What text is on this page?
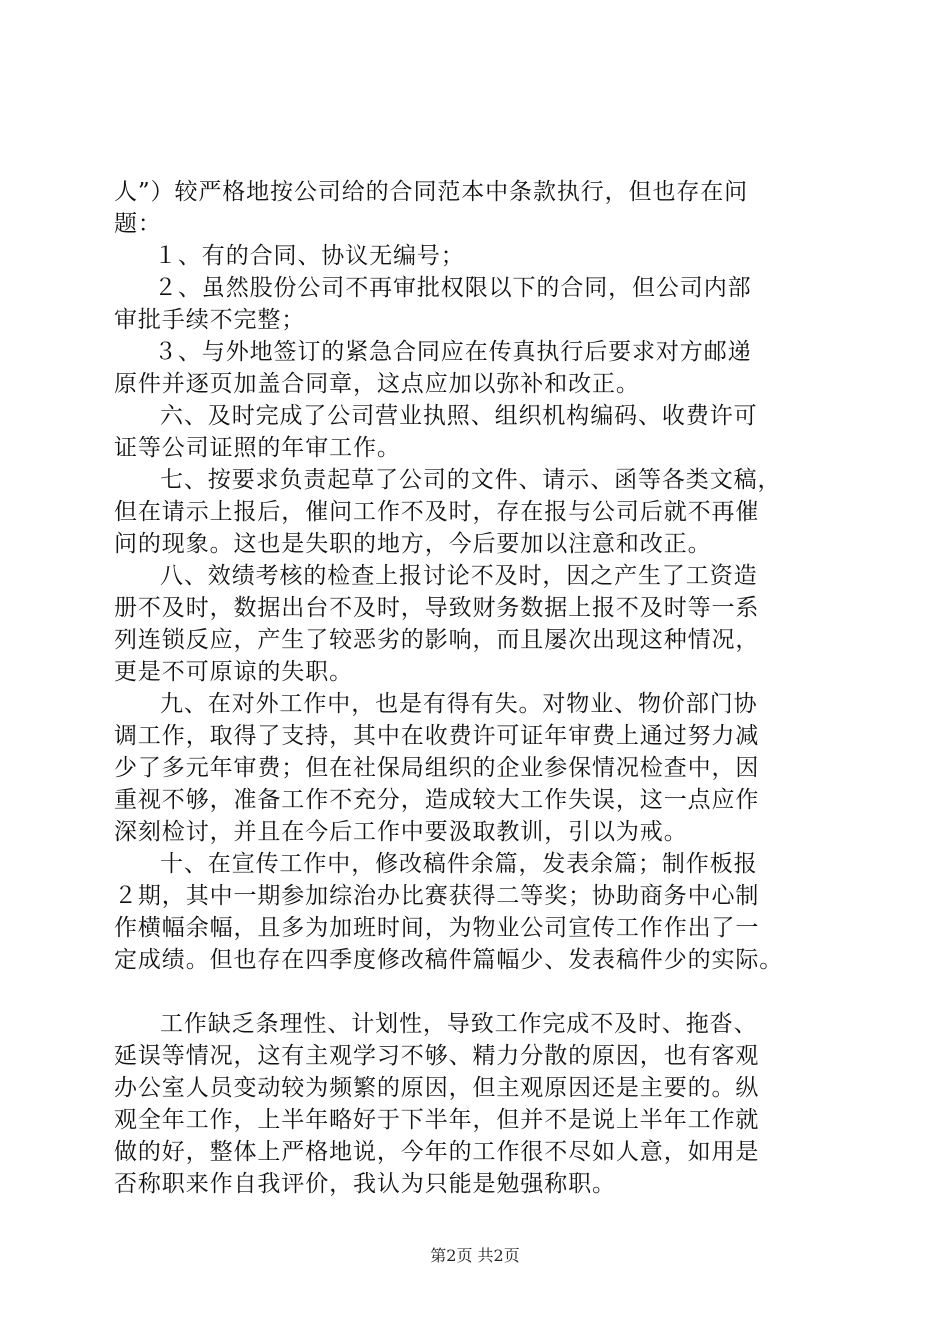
人”）较严格地按公司给的合同范本中条款执行，但也存在问
题：
１、有的合同、协议无编号；
２、虽然股份公司不再审批权限以下的合同，但公司内部
审批手续不完整；
３、与外地签订的紧急合同应在传真执行后要求对方邮递
原件并逐页加盖合同章，这点应加以弥补和改正。
六、及时完成了公司营业执照、组织机构编码、收费许可
证等公司证照的年审工作。
七、按要求负责起草了公司的文件、请示、函等各类文稿，
但在请示上报后，催问工作不及时，存在报与公司后就不再催
问的现象。这也是失职的地方，今后要加以注意和改正。
八、效绩考核的检查上报讨论不及时，因之产生了工资造
册不及时，数据出台不及时，导致财务数据上报不及时等一系
列连锁反应，产生了较恶劣的影响，而且屡次出现这种情况，
更是不可原谅的失职。
九、在对外工作中，也是有得有失。对物业、物价部门协
调工作，取得了支持，其中在收费许可证年审费上通过努力减
少了多元年审费；但在社保局组织的企业参保情况检查中，因
重视不够，准备工作不充分，造成较大工作失误，这一点应作
深刻检讨，并且在今后工作中要汲取教训，引以为戒。
十、在宣传工作中，修改稿件余篇，发表余篇；制作板报
２期，其中一期参加综治办比赛获得二等奖；协助商务中心制
作横幅余幅，且多为加班时间，为物业公司宣传工作作出了一
定成绩。但也存在四季度修改稿件篇幅少、发表稿件少的实际。
工作缺乏条理性、计划性，导致工作完成不及时、拖沓、
延误等情况，这有主观学习不够、精力分散的原因，也有客观
办公室人员变动较为频繁的原因，但主观原因还是主要的。纵
观全年工作，上半年略好于下半年，但并不是说上半年工作就
做的好，整体上严格地说，今年的工作很不尽如人意，如用是
否称职来作自我评价，我认为只能是勉强称职。
第2页 共2页
